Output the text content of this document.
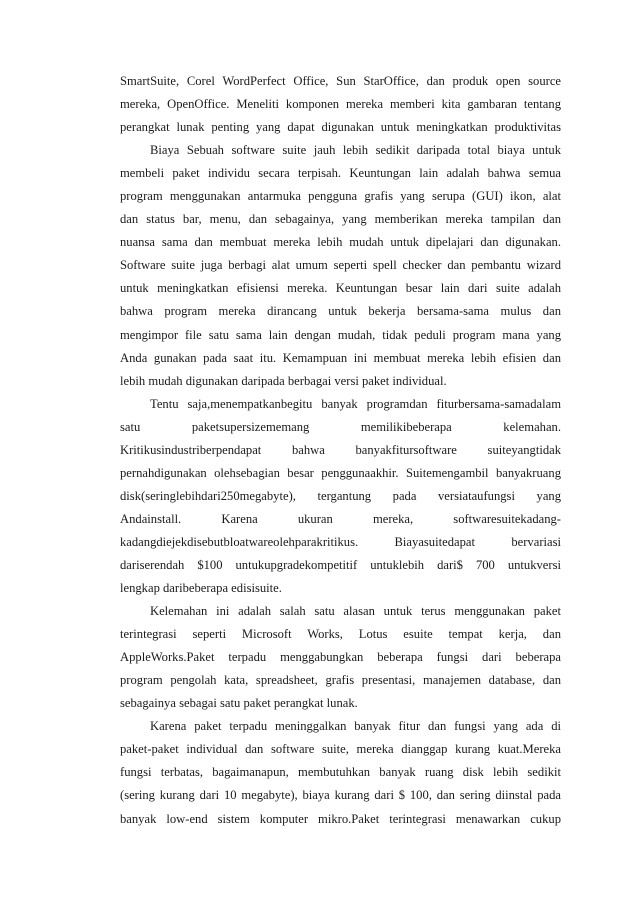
SmartSuite, Corel WordPerfect Office, Sun StarOffice, dan produk open source
mereka, OpenOffice. Meneliti komponen mereka memberi kita gambaran tentang
perangkat lunak penting yang dapat digunakan untuk meningkatkan produktivitas
Biaya Sebuah software suite jauh lebih sedikit daripada total biaya untuk
membeli paket individu secara terpisah. Keuntungan lain adalah bahwa semua
program menggunakan antarmuka pengguna grafis yang serupa (GUI) ikon, alat
dan status bar, menu, dan sebagainya, yang memberikan mereka tampilan dan
nuansa sama dan membuat mereka lebih mudah untuk dipelajari dan digunakan.
Software suite juga berbagi alat umum seperti spell checker dan pembantu wizard
untuk meningkatkan efisiensi mereka. Keuntungan besar lain dari suite adalah
bahwa program mereka dirancang untuk bekerja bersama-sama mulus dan
mengimpor file satu sama lain dengan mudah, tidak peduli program mana yang
Anda gunakan pada saat itu. Kemampuan ini membuat mereka lebih efisien dan
lebih mudah digunakan daripada berbagai versi paket individual.
Tentu saja,menempatkanbegitu banyak programdan fiturbersama-samadalam
satu paketsupersizememang memilikibeberapa kelemahan.
Kritikusindustriberpendapat bahwa banyakfitursoftware suiteyangtidak
pernahdigunakan olehsebagian besar penggunaakhir. Suitemengambil banyakruang
disk(seringlebihdari250megabyte), tergantung pada versiataufungsi yang
Andainstall. Karena ukuran mereka, softwaresuitekadang-
kadangdiejekdisebutbloatwareolehparakritikus. Biayasuitedapat bervariasi
dariserendah $100 untukupgradekompetitif untuklebih dari$ 700 untukversi
lengkap daribeberapa edisisuite.
Kelemahan ini adalah salah satu alasan untuk terus menggunakan paket
terintegrasi seperti Microsoft Works, Lotus esuite tempat kerja, dan
AppleWorks.Paket terpadu menggabungkan beberapa fungsi dari beberapa
program pengolah kata, spreadsheet, grafis presentasi, manajemen database, dan
sebagainya sebagai satu paket perangkat lunak.
Karena paket terpadu meninggalkan banyak fitur dan fungsi yang ada di
paket-paket individual dan software suite, mereka dianggap kurang kuat.Mereka
fungsi terbatas, bagaimanapun, membutuhkan banyak ruang disk lebih sedikit
(sering kurang dari 10 megabyte), biaya kurang dari $ 100, dan sering diinstal pada
banyak low-end sistem komputer mikro.Paket terintegrasi menawarkan cukup
